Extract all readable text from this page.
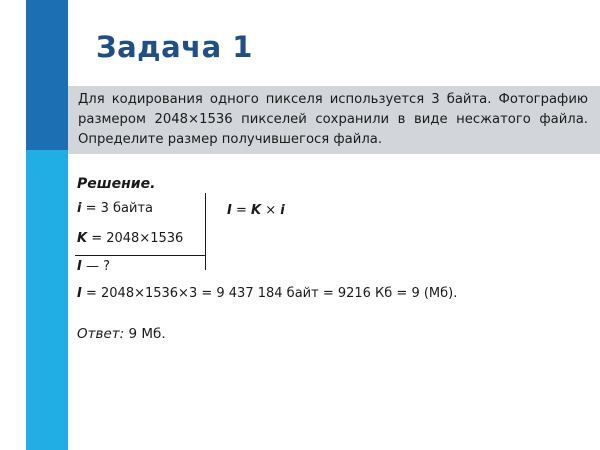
Задача 1
Для кодирования одного пикселя используется 3 байта. Фотографию размером 2048×1536 пикселей сохранили в виде несжатого файла. Определите размер получившегося файла.
Решение.
i = 3 байта
K = 2048×1536
I — ?
I = K × i
I = 2048×1536×3 = 9 437 184 байт = 9216 Кб = 9 (Мб).
Ответ: 9 Мб.
